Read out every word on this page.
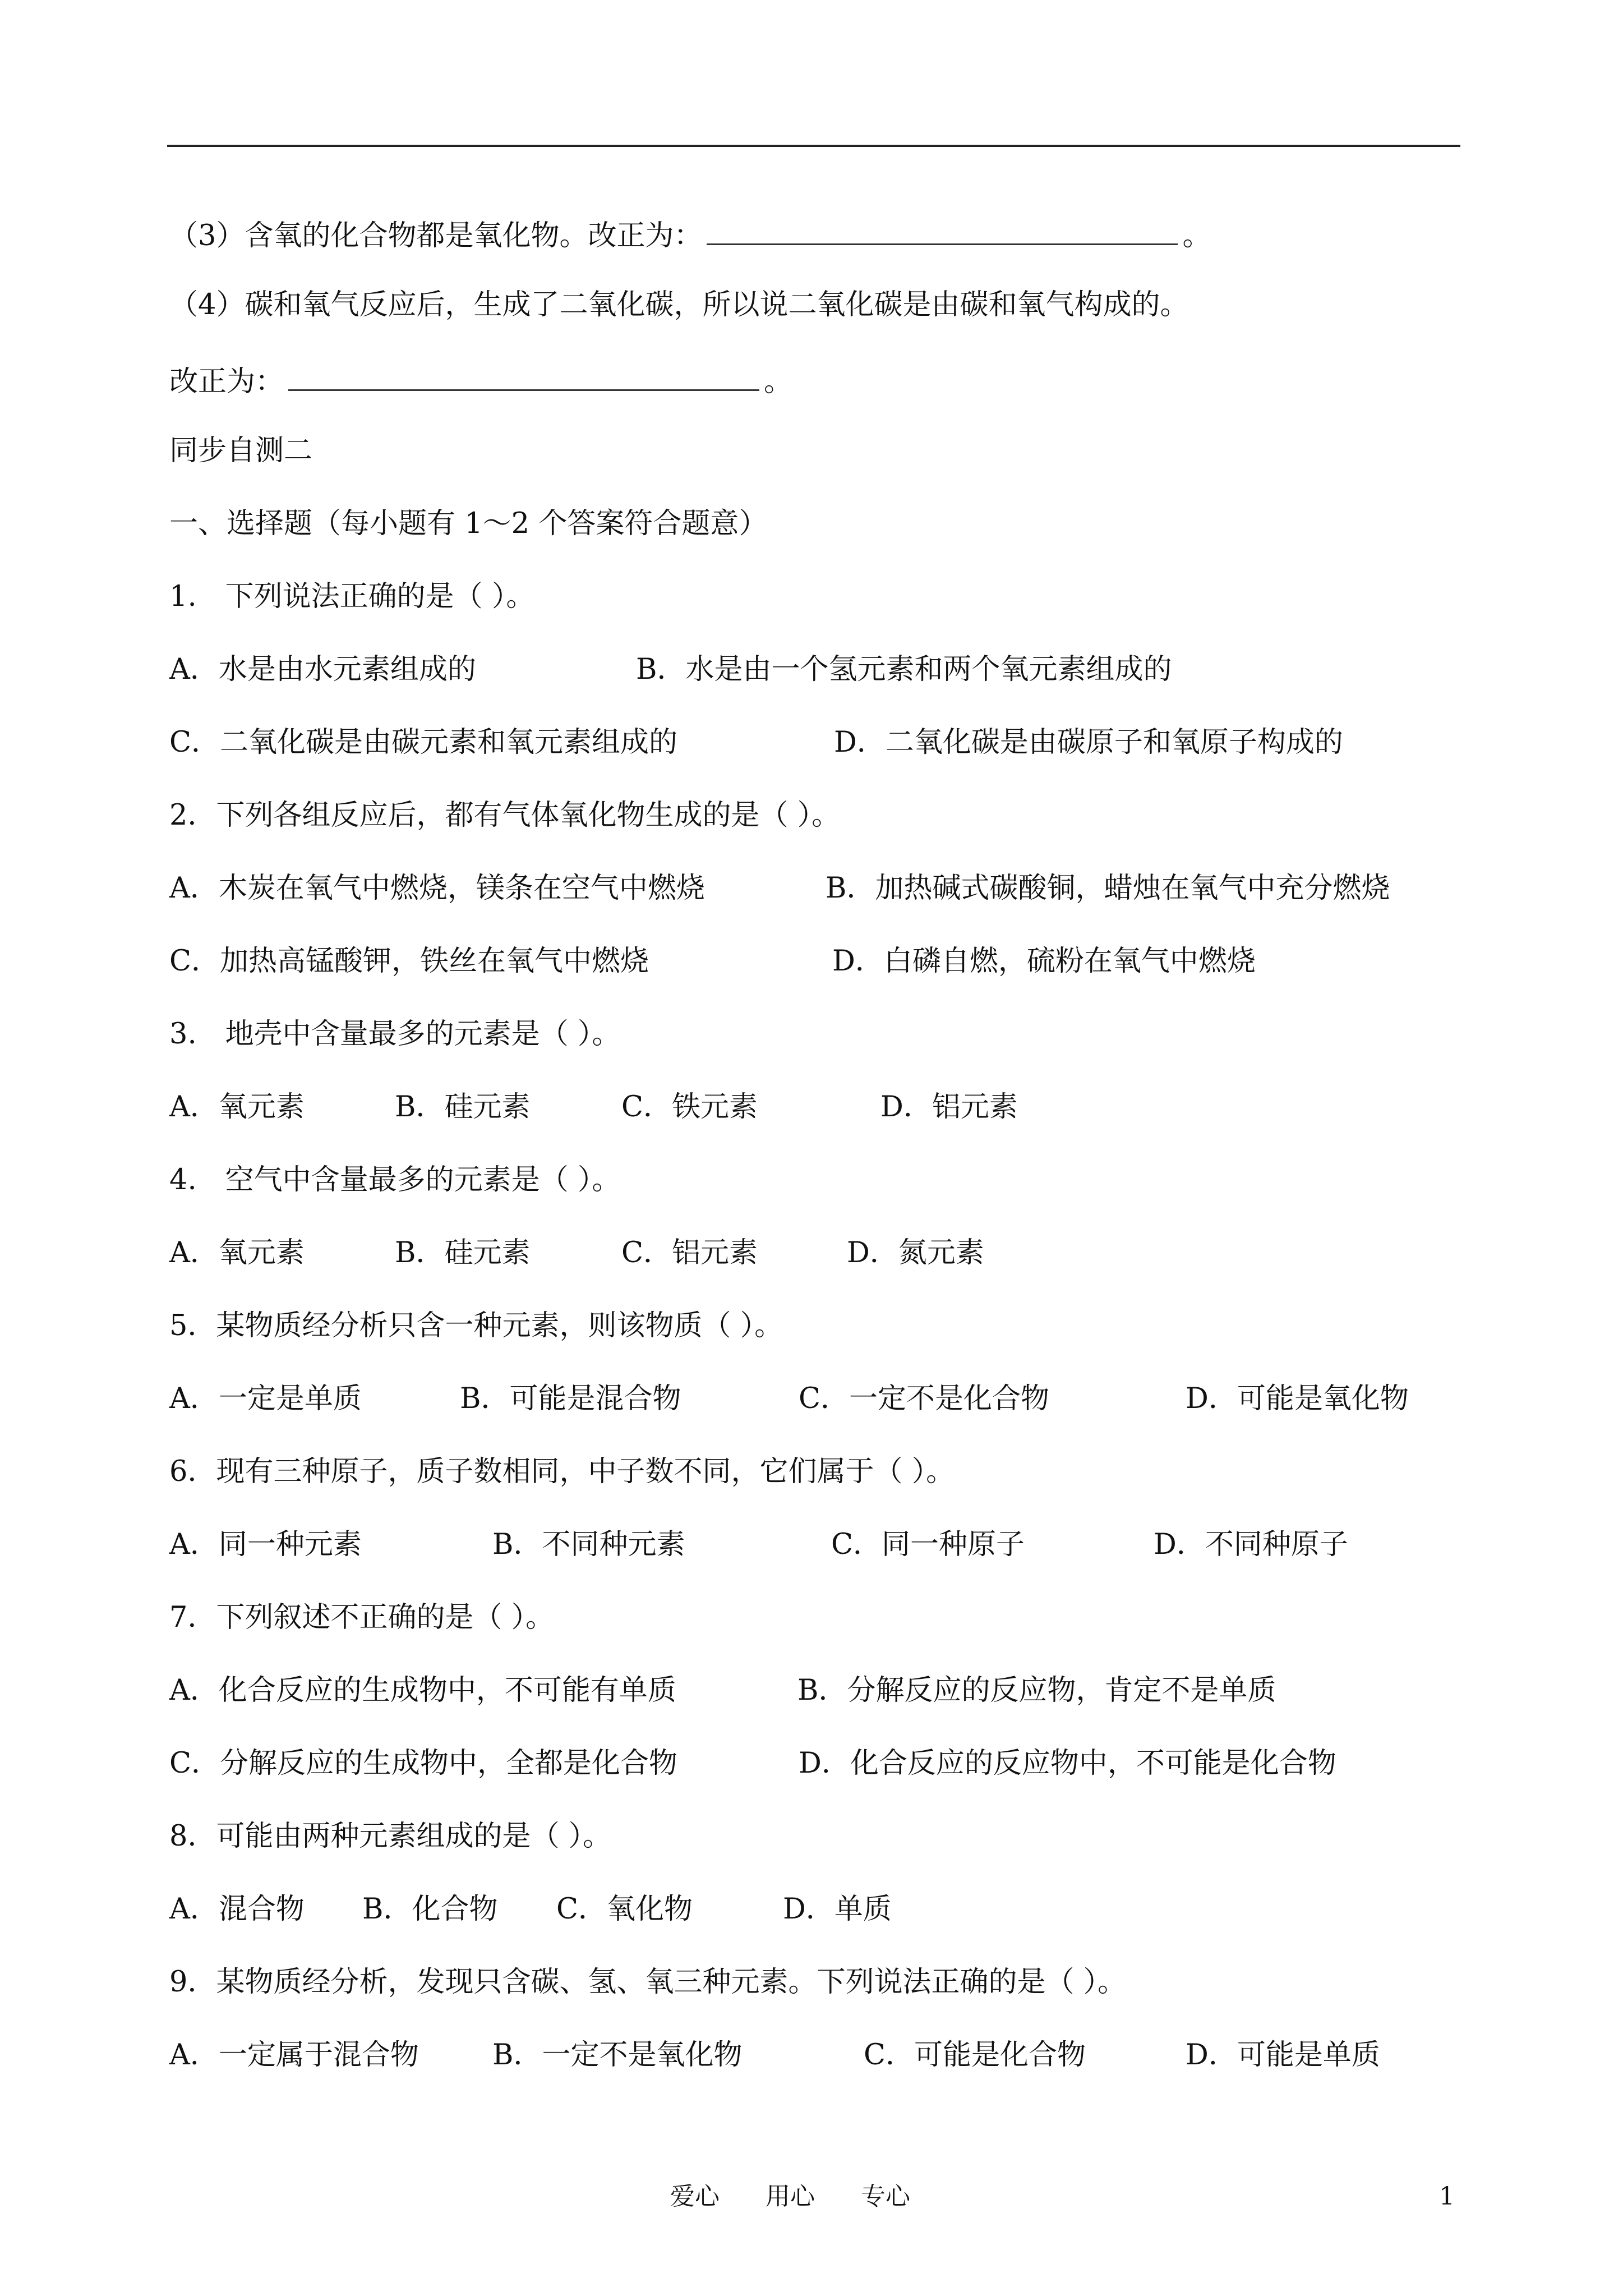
（3）含氧的化合物都是氧化物。改正为：	。
（4）碳和氧气反应后，生成了二氧化碳，所以说二氧化碳是由碳和氧气构成的。
改正为：	。
同步自测二
一、选择题（每小题有 1～2 个答案符合题意）
1.　下列说法正确的是（ ）。
A．水是由水元素组成的	B．水是由一个氢元素和两个氧元素组成的
C．二氧化碳是由碳元素和氧元素组成的	D．二氧化碳是由碳原子和氧原子构成的
2．下列各组反应后，都有气体氧化物生成的是（ ）。
A．木炭在氧气中燃烧，镁条在空气中燃烧	B．加热碱式碳酸铜，蜡烛在氧气中充分燃烧
C．加热高锰酸钾，铁丝在氧气中燃烧	D．白磷自燃，硫粉在氧气中燃烧
3.　地壳中含量最多的元素是（ ）。
A．氧元素	B．硅元素	C．铁元素	D．铝元素
4.　空气中含量最多的元素是（ ）。
A．氧元素	B．硅元素	C．铝元素	D．氮元素
5．某物质经分析只含一种元素，则该物质（ ）。
A．一定是单质	B．可能是混合物	C．一定不是化合物	D．可能是氧化物
6．现有三种原子，质子数相同，中子数不同，它们属于（ ）。
A．同一种元素	B．不同种元素	C．同一种原子	D．不同种原子
7．下列叙述不正确的是（ ）。
A．化合反应的生成物中，不可能有单质	B．分解反应的反应物，肯定不是单质
C．分解反应的生成物中，全都是化合物	D．化合反应的反应物中，不可能是化合物
8．可能由两种元素组成的是（ ）。
A．混合物 B．化合物 C．氧化物	D．单质
9．某物质经分析，发现只含碳、氢、氧三种元素。下列说法正确的是（ ）。
A．一定属于混合物	B．一定不是氧化物	C．可能是化合物	D．可能是单质
爱心 用心 专心	1
